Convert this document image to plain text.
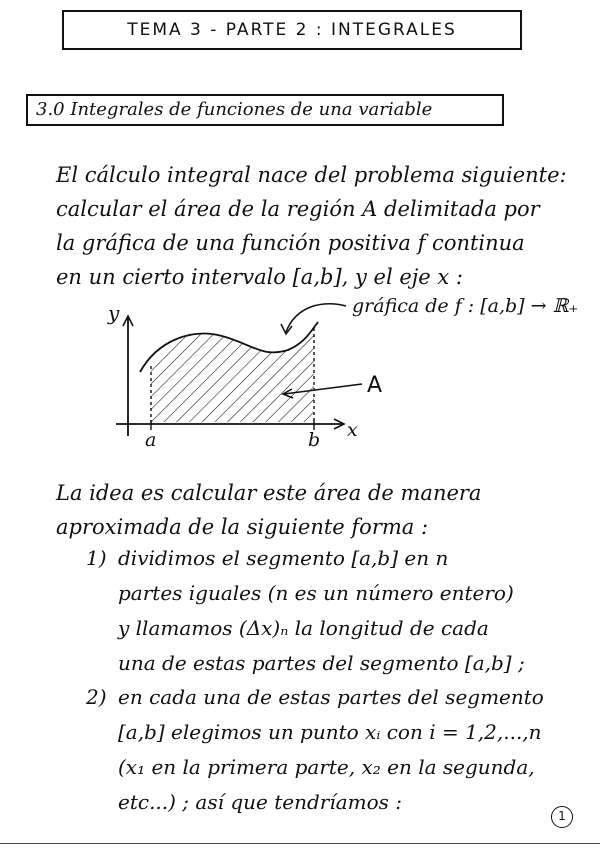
TEMA 3 - PARTE 2 : INTEGRALES
3.0 Integrales de funciones de una variable
El cálculo integral nace del problema siguiente:
calcular el área de la región A delimitada por
la gráfica de una función positiva f continua
en un cierto intervalo [a,b], y el eje x :
y
x
a	b
A
gráfica de f : [a,b] → ℝ₊
La idea es calcular este área de manera
aproximada de la siguiente forma :
1) dividimos el segmento [a,b] en n
partes iguales (n es un número entero)
y llamamos (Δx)ₙ la longitud de cada
una de estas partes del segmento [a,b] ;
2) en cada una de estas partes del segmento
[a,b] elegimos un punto xᵢ con i = 1,2,...,n
(x₁ en la primera parte, x₂ en la segunda,
etc...) ; así que tendríamos :
1
